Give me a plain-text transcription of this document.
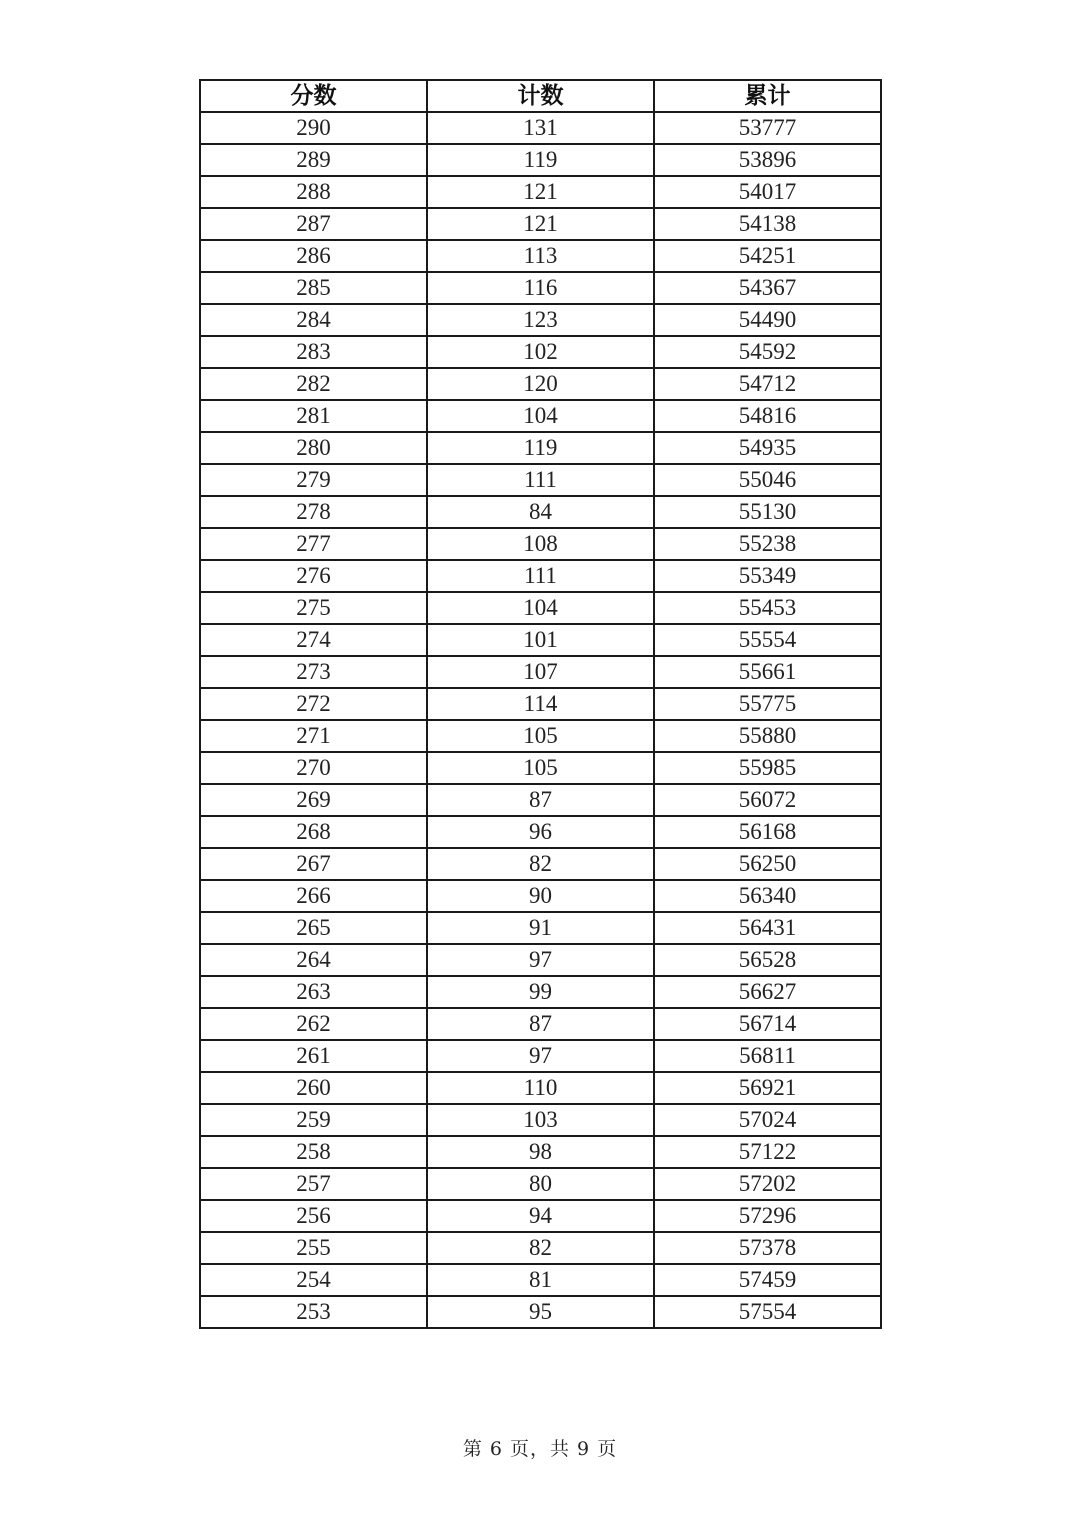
分数	计数	累计
290	131	53777
289	119	53896
288	121	54017
287	121	54138
286	113	54251
285	116	54367
284	123	54490
283	102	54592
282	120	54712
281	104	54816
280	119	54935
279	111	55046
278	84	55130
277	108	55238
276	111	55349
275	104	55453
274	101	55554
273	107	55661
272	114	55775
271	105	55880
270	105	55985
269	87	56072
268	96	56168
267	82	56250
266	90	56340
265	91	56431
264	97	56528
263	99	56627
262	87	56714
261	97	56811
260	110	56921
259	103	57024
258	98	57122
257	80	57202
256	94	57296
255	82	57378
254	81	57459
253	95	57554
第 6 页，共 9 页
